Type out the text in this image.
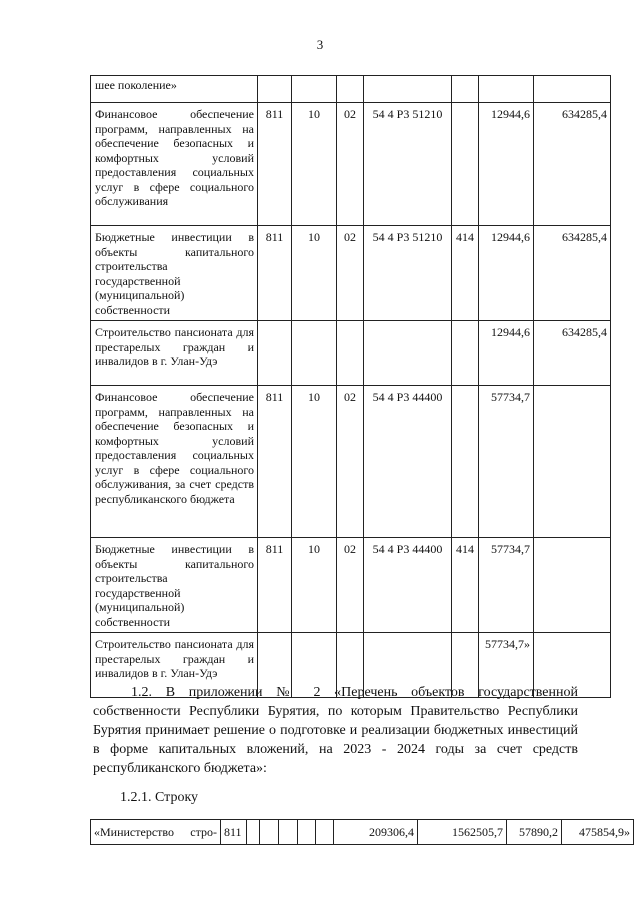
3
шее поколение»							
Финансовое обеспечение программ, направленных на обеспечение безопасных и комфортных условий предоставления социальных услуг в сфере социального обслуживания	811	10	02	54 4 Р3 51210		12944,6	634285,4
Бюджетные инвестиции в объекты капитального строительства государственной (муниципальной) собственности	811	10	02	54 4 Р3 51210	414	12944,6	634285,4
Строительство пансионата для престарелых граждан и инвалидов в г. Улан-Удэ						12944,6	634285,4
Финансовое обеспечение программ, направленных на обеспечение безопасных и комфортных условий предоставления социальных услуг в сфере социального обслуживания, за счет средств республиканского бюджета	811	10	02	54 4 Р3 44400		57734,7	
Бюджетные инвестиции в объекты капитального строительства государственной (муниципальной) собственности	811	10	02	54 4 Р3 44400	414	57734,7	
Строительство пансионата для престарелых граждан и инвалидов в г. Улан-Удэ						57734,7»	

1.2. В приложении № 2 «Перечень объектов государственной собственности Республики Бурятия, по которым Правительство Республики Бурятия принимает решение о подготовке и реализации бюджетных инвестиций в форме капитальных вложений, на 2023 - 2024 годы за счет средств республиканского бюджета»:

1.2.1. Строку
«Министерство стро-	811						209306,4	1562505,7	57890,2	475854,9»
